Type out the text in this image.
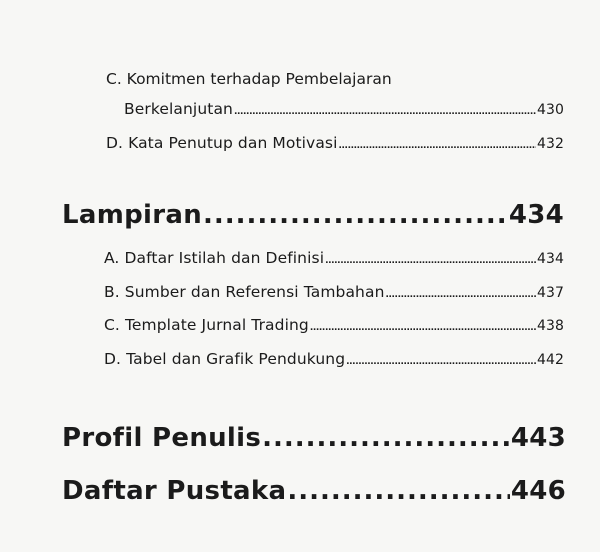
C. Komitmen terhadap Pembelajaran
Berkelanjutan .....	430
D. Kata Penutup dan Motivasi .....	432
Lampiran .....	434
A. Daftar Istilah dan Definisi .....	434
B. Sumber dan Referensi Tambahan .....	437
C. Template Jurnal Trading .....	438
D. Tabel dan Grafik Pendukung .....	442
Profil Penulis .....	443
Daftar Pustaka .....	446
